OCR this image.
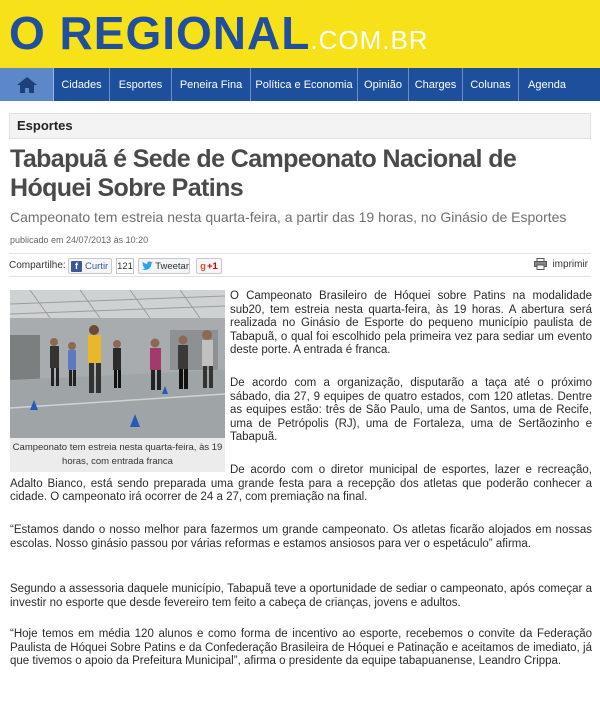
O REGIONAL.COM.BR
Cidades	Esportes	Peneira Fina	Política e Economia	Opinião	Charges	Colunas	Agenda
Esportes
Tabapuã é Sede de Campeonato Nacional de Hóquei Sobre Patins
Campeonato tem estreia nesta quarta-feira, a partir das 19 horas, no Ginásio de Esportes
publicado em 24/07/2013 às 10:20
Compartilhe:	f Curtir 121 Tweetar g +1	imprimir
Campeonato tem estreia nesta quarta-feira, às 19 horas, com entrada franca

O Campeonato Brasileiro de Hóquei sobre Patins na modalidade sub20, tem estreia nesta quarta-feira, às 19 horas. A abertura será realizada no Ginásio de Esporte do pequeno município paulista de Tabapuã, o qual foi escolhido pela primeira vez para sediar um evento deste porte. A entrada é franca.

De acordo com a organização, disputarão a taça até o próximo sábado, dia 27, 9 equipes de quatro estados, com 120 atletas. Dentre as equipes estão: três de São Paulo, uma de Santos, uma de Recife, uma de Petrópolis (RJ), uma de Fortaleza, uma de Sertãozinho e Tabapuã.

De acordo com o diretor municipal de esportes, lazer e recreação, Adalto Bianco, está sendo preparada uma grande festa para a recepção dos atletas que poderão conhecer a cidade. O campeonato irá ocorrer de 24 a 27, com premiação na final.

“Estamos dando o nosso melhor para fazermos um grande campeonato. Os atletas ficarão alojados em nossas escolas. Nosso ginásio passou por várias reformas e estamos ansiosos para ver o espetáculo” afirma.

Segundo a assessoria daquele município, Tabapuã teve a oportunidade de sediar o campeonato, após começar a investir no esporte que desde fevereiro tem feito a cabeça de crianças, jovens e adultos.

“Hoje temos em média 120 alunos e como forma de incentivo ao esporte, recebemos o convite da Federação Paulista de Hóquei Sobre Patins e da Confederação Brasileira de Hóquei e Patinação e aceitamos de imediato, já que tivemos o apoio da Prefeitura Municipal”, afirma o presidente da equipe tabapuanense, Leandro Crippa.
